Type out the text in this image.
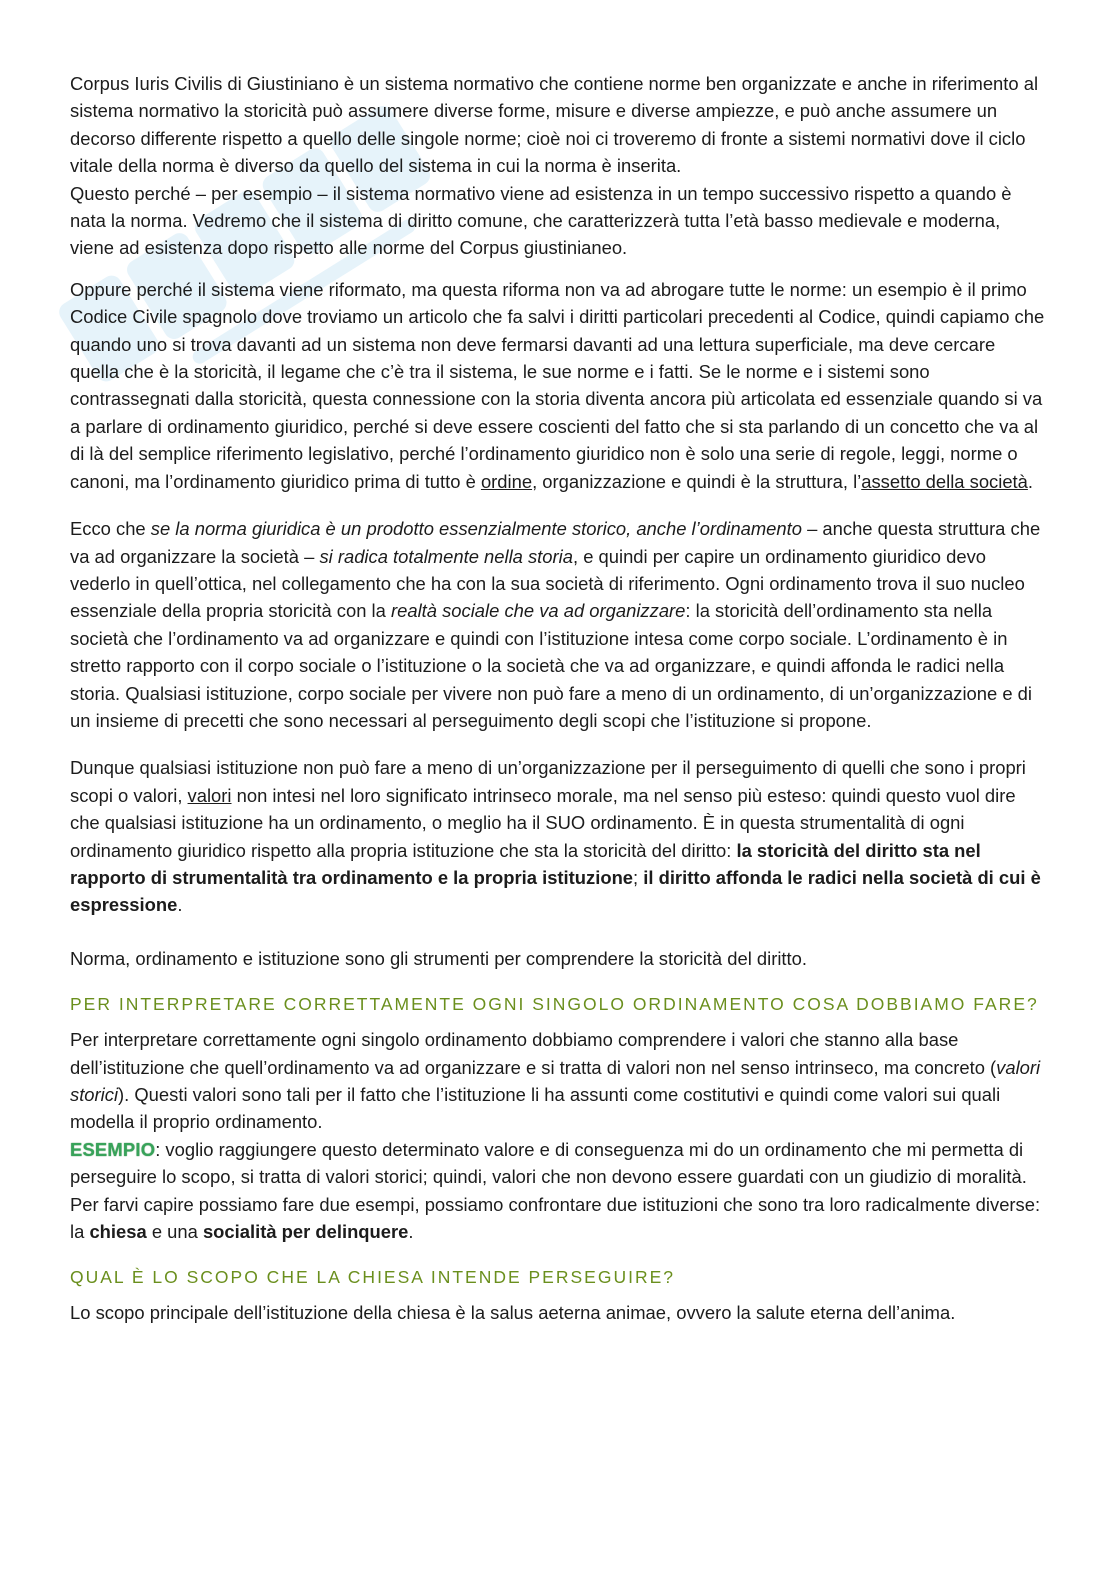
Corpus Iuris Civilis di Giustiniano è un sistema normativo che contiene norme ben organizzate e anche in riferimento al sistema normativo la storicità può assumere diverse forme, misure e diverse ampiezze, e può anche assumere un decorso differente rispetto a quello delle singole norme; cioè noi ci troveremo di fronte a sistemi normativi dove il ciclo vitale della norma è diverso da quello del sistema in cui la norma è inserita.

Questo perché – per esempio – il sistema normativo viene ad esistenza in un tempo successivo rispetto a quando è nata la norma. Vedremo che il sistema di diritto comune, che caratterizzerà tutta l’età basso medievale e moderna, viene ad esistenza dopo rispetto alle norme del Corpus giustinianeo.

Oppure perché il sistema viene riformato, ma questa riforma non va ad abrogare tutte le norme: un esempio è il primo Codice Civile spagnolo dove troviamo un articolo che fa salvi i diritti particolari precedenti al Codice, quindi capiamo che quando uno si trova davanti ad un sistema non deve fermarsi davanti ad una lettura superficiale, ma deve cercare quella che è la storicità, il legame che c’è tra il sistema, le sue norme e i fatti. Se le norme e i sistemi sono contrassegnati dalla storicità, questa connessione con la storia diventa ancora più articolata ed essenziale quando si va a parlare di ordinamento giuridico, perché si deve essere coscienti del fatto che si sta parlando di un concetto che va al di là del semplice riferimento legislativo, perché l’ordinamento giuridico non è solo una serie di regole, leggi, norme o canoni, ma l’ordinamento giuridico prima di tutto è ordine, organizzazione e quindi è la struttura, l’assetto della società.

Ecco che se la norma giuridica è un prodotto essenzialmente storico, anche l’ordinamento – anche questa struttura che va ad organizzare la società – si radica totalmente nella storia, e quindi per capire un ordinamento giuridico devo vederlo in quell’ottica, nel collegamento che ha con la sua società di riferimento. Ogni ordinamento trova il suo nucleo essenziale della propria storicità con la realtà sociale che va ad organizzare: la storicità dell’ordinamento sta nella società che l’ordinamento va ad organizzare e quindi con l’istituzione intesa come corpo sociale. L’ordinamento è in stretto rapporto con il corpo sociale o l’istituzione o la società che va ad organizzare, e quindi affonda le radici nella storia. Qualsiasi istituzione, corpo sociale per vivere non può fare a meno di un ordinamento, di un’organizzazione e di un insieme di precetti che sono necessari al perseguimento degli scopi che l’istituzione si propone.

Dunque qualsiasi istituzione non può fare a meno di un’organizzazione per il perseguimento di quelli che sono i propri scopi o valori, valori non intesi nel loro significato intrinseco morale, ma nel senso più esteso: quindi questo vuol dire che qualsiasi istituzione ha un ordinamento, o meglio ha il SUO ordinamento. È in questa strumentalità di ogni ordinamento giuridico rispetto alla propria istituzione che sta la storicità del diritto: la storicità del diritto sta nel rapporto di strumentalità tra ordinamento e la propria istituzione; il diritto affonda le radici nella società di cui è espressione.

Norma, ordinamento e istituzione sono gli strumenti per comprendere la storicità del diritto.

PER INTERPRETARE CORRETTAMENTE OGNI SINGOLO ORDINAMENTO COSA DOBBIAMO FARE?

Per interpretare correttamente ogni singolo ordinamento dobbiamo comprendere i valori che stanno alla base dell’istituzione che quell’ordinamento va ad organizzare e si tratta di valori non nel senso intrinseco, ma concreto (valori storici). Questi valori sono tali per il fatto che l’istituzione li ha assunti come costitutivi e quindi come valori sui quali modella il proprio ordinamento.

ESEMPIO: voglio raggiungere questo determinato valore e di conseguenza mi do un ordinamento che mi permetta di perseguire lo scopo, si tratta di valori storici; quindi, valori che non devono essere guardati con un giudizio di moralità. Per farvi capire possiamo fare due esempi, possiamo confrontare due istituzioni che sono tra loro radicalmente diverse: la chiesa e una socialità per delinquere.

QUAL È LO SCOPO CHE LA CHIESA INTENDE PERSEGUIRE?

Lo scopo principale dell’istituzione della chiesa è la salus aeterna animae, ovvero la salute eterna dell’anima.
